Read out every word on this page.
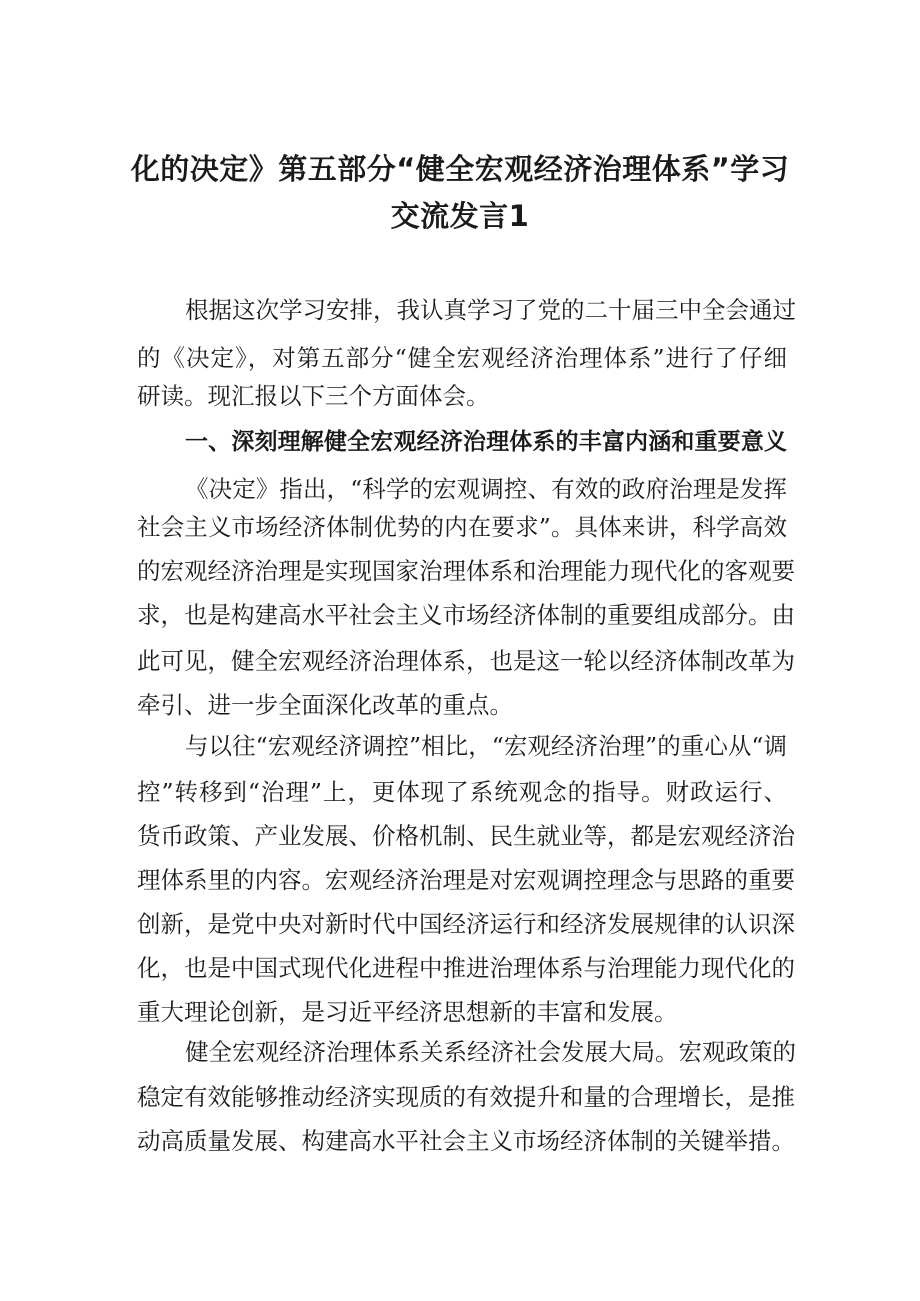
化的决定》第五部分“健全宏观经济治理体系”学习
交流发言1
根据这次学习安排，我认真学习了党的二十届三中全会通过
的《决定》，对第五部分“健全宏观经济治理体系”进行了仔细
研读。现汇报以下三个方面体会。
一、深刻理解健全宏观经济治理体系的丰富内涵和重要意义
《决定》指出，“科学的宏观调控、有效的政府治理是发挥
社会主义市场经济体制优势的内在要求”。具体来讲，科学高效
的宏观经济治理是实现国家治理体系和治理能力现代化的客观要
求，也是构建高水平社会主义市场经济体制的重要组成部分。由
此可见，健全宏观经济治理体系，也是这一轮以经济体制改革为
牵引、进一步全面深化改革的重点。
与以往“宏观经济调控”相比，“宏观经济治理”的重心从“调
控”转移到“治理”上，更体现了系统观念的指导。财政运行、
货币政策、产业发展、价格机制、民生就业等，都是宏观经济治
理体系里的内容。宏观经济治理是对宏观调控理念与思路的重要
创新，是党中央对新时代中国经济运行和经济发展规律的认识深
化，也是中国式现代化进程中推进治理体系与治理能力现代化的
重大理论创新，是习近平经济思想新的丰富和发展。
健全宏观经济治理体系关系经济社会发展大局。宏观政策的
稳定有效能够推动经济实现质的有效提升和量的合理增长，是推
动高质量发展、构建高水平社会主义市场经济体制的关键举措。
